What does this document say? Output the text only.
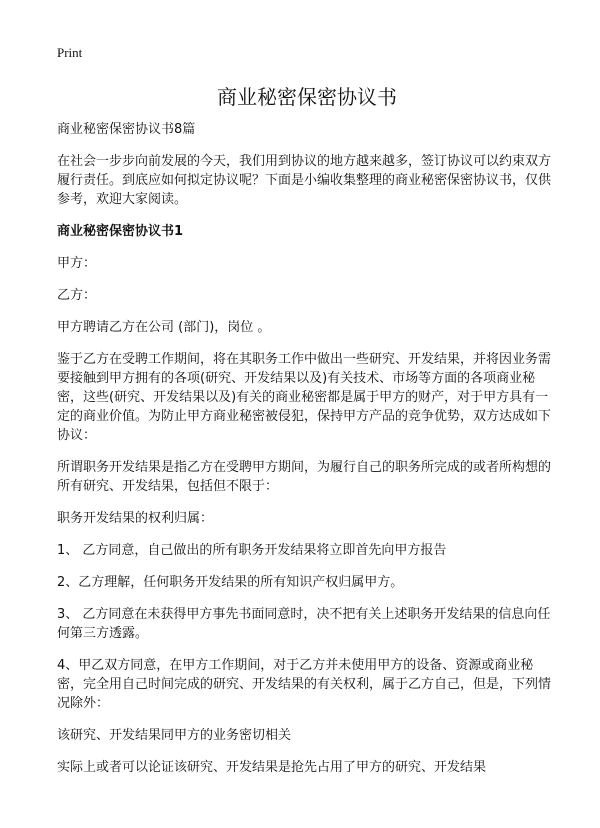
Print
商业秘密保密协议书

商业秘密保密协议书8篇

在社会一步步向前发展的今天，我们用到协议的地方越来越多，签订协议可以约束双方履行责任。到底应如何拟定协议呢？下面是小编收集整理的商业秘密保密协议书，仅供参考，欢迎大家阅读。

商业秘密保密协议书1

甲方：

乙方：

甲方聘请乙方在公司 (部门)，岗位 。

鉴于乙方在受聘工作期间，将在其职务工作中做出一些研究、开发结果，并将因业务需要接触到甲方拥有的各项(研究、开发结果以及)有关技术、市场等方面的各项商业秘密，这些(研究、开发结果以及)有关的商业秘密都是属于甲方的财产，对于甲方具有一定的商业价值。为防止甲方商业秘密被侵犯，保持甲方产品的竞争优势，双方达成如下协议：

所谓职务开发结果是指乙方在受聘甲方期间，为履行自己的职务所完成的或者所构想的所有研究、开发结果，包括但不限于：

职务开发结果的权利归属：

1、 乙方同意，自己做出的所有职务开发结果将立即首先向甲方报告

2、乙方理解，任何职务开发结果的所有知识产权归属甲方。

3、 乙方同意在未获得甲方事先书面同意时，决不把有关上述职务开发结果的信息向任何第三方透露。

4、甲乙双方同意，在甲方工作期间，对于乙方并未使用甲方的设备、资源或商业秘密，完全用自己时间完成的研究、开发结果的有关权利，属于乙方自己，但是，下列情况除外：

该研究、开发结果同甲方的业务密切相关

实际上或者可以论证该研究、开发结果是抢先占用了甲方的研究、开发结果
